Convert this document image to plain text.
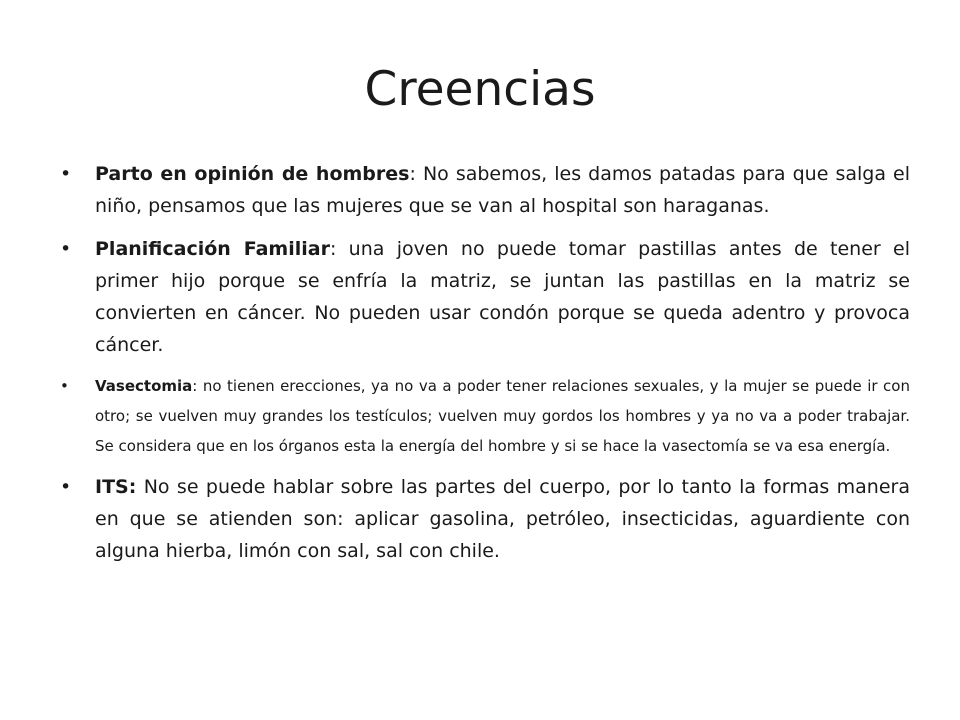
Creencias
• Parto en opinión de hombres: No sabemos, les damos patadas para que salga el niño, pensamos que las mujeres que se van al hospital son haraganas.
• Planificación Familiar: una joven no puede tomar pastillas antes de tener el primer hijo porque se enfría la matriz, se juntan las pastillas en la matriz se convierten en cáncer. No pueden usar condón porque se queda adentro y provoca cáncer.
• Vasectomia: no tienen erecciones, ya no va a poder tener relaciones sexuales, y la mujer se puede ir con otro; se vuelven muy grandes los testículos; vuelven muy gordos los hombres y ya no va a poder trabajar. Se considera que en los órganos esta la energía del hombre y si se hace la vasectomía se va esa energía.
• ITS: No se puede hablar sobre las partes del cuerpo, por lo tanto la formas manera en que se atienden son: aplicar gasolina, petróleo, insecticidas, aguardiente con alguna hierba, limón con sal, sal con chile.
